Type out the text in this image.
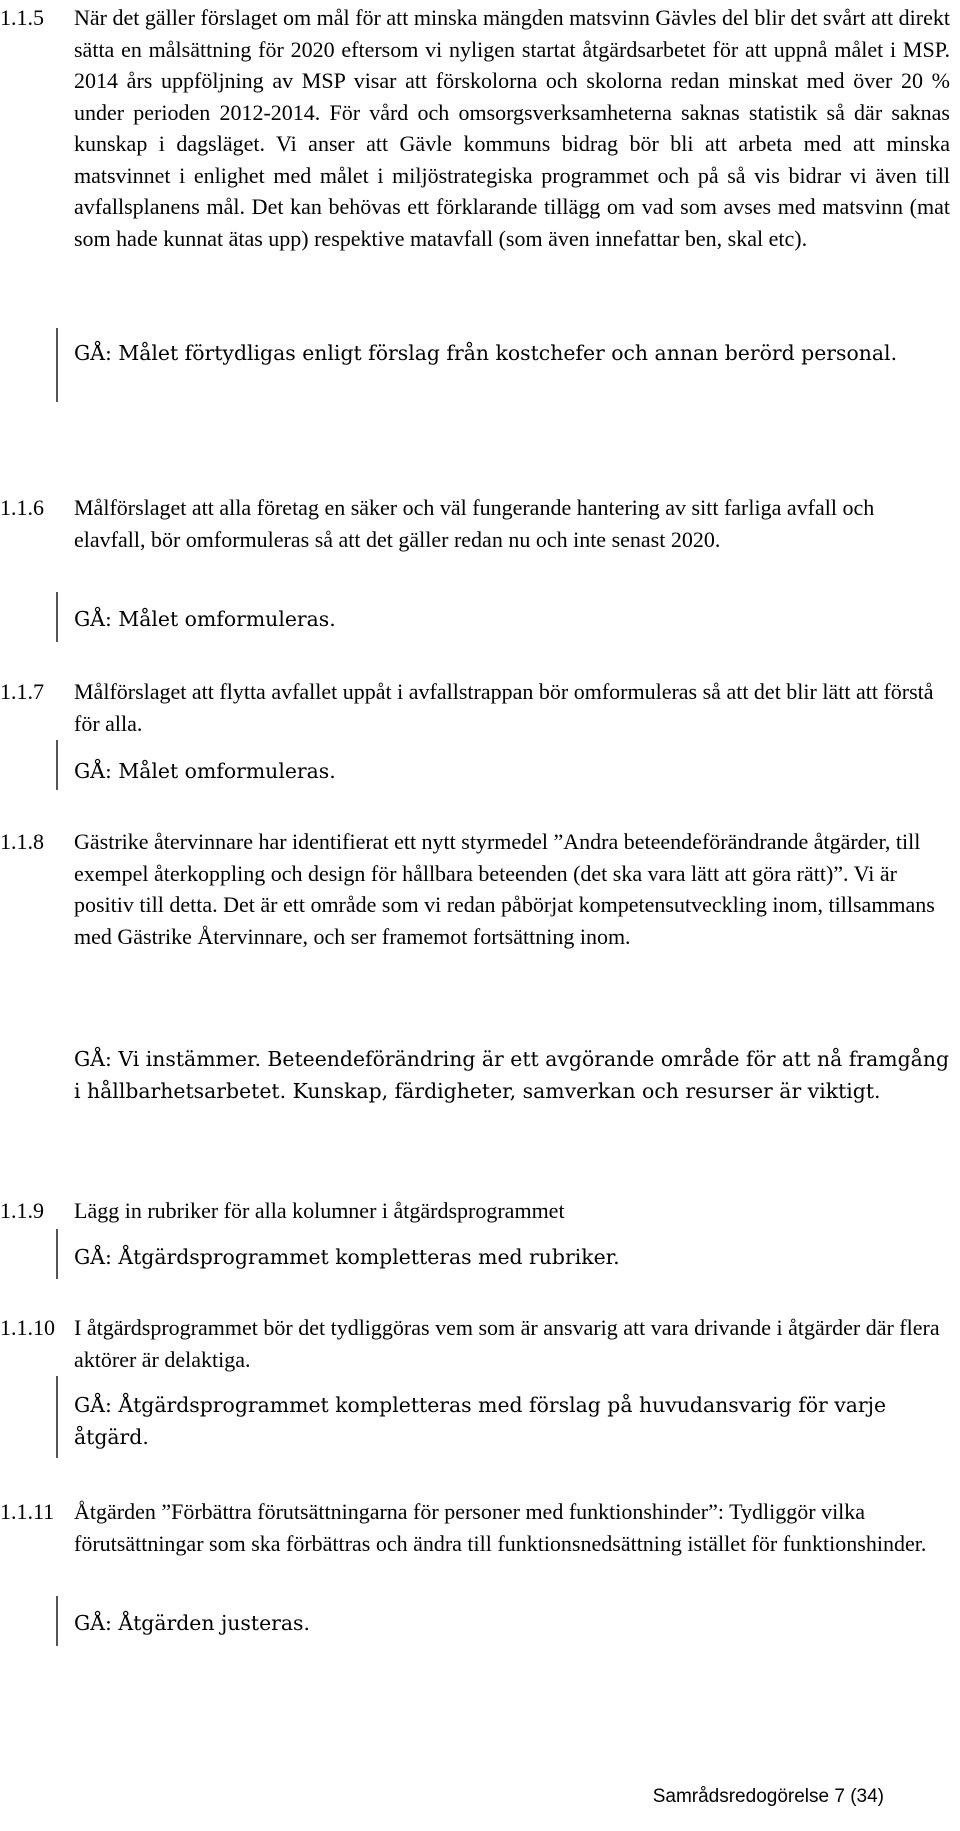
1.1.5 När det gäller förslaget om mål för att minska mängden matsvinn Gävles del blir det svårt att direkt sätta en målsättning för 2020 eftersom vi nyligen startat åtgärdsarbetet för att uppnå målet i MSP. 2014 års uppföljning av MSP visar att förskolorna och skolorna redan minskat med över 20 % under perioden 2012-2014. För vård och omsorgsverksamheterna saknas statistik så där saknas kunskap i dagsläget. Vi anser att Gävle kommuns bidrag bör bli att arbeta med att minska matsvinnet i enlighet med målet i miljöstrategiska programmet och på så vis bidrar vi även till avfallsplanens mål. Det kan behövas ett förklarande tillägg om vad som avses med matsvinn (mat som hade kunnat ätas upp) respektive matavfall (som även innefattar ben, skal etc).

GÅ: Målet förtydligas enligt förslag från kostchefer och annan berörd personal.
1.1.6 Målförslaget att alla företag en säker och väl fungerande hantering av sitt farliga avfall och elavfall, bör omformuleras så att det gäller redan nu och inte senast 2020.
GÅ: Målet omformuleras.
1.1.7 Målförslaget att flytta avfallet uppåt i avfallstrappan bör omformuleras så att det blir lätt att förstå för alla.
GÅ: Målet omformuleras.
1.1.8 Gästrike återvinnare har identifierat ett nytt styrmedel ”Andra beteendeförändrande åtgärder, till exempel återkoppling och design för hållbara beteenden (det ska vara lätt att göra rätt)”. Vi är positiv till detta. Det är ett område som vi redan påbörjat kompetensutveckling inom, tillsammans med Gästrike Återvinnare, och ser framemot fortsättning inom.
GÅ: Vi instämmer. Beteendeförändring är ett avgörande område för att nå framgång i hållbarhetsarbetet. Kunskap, färdigheter, samverkan och resurser är viktigt.
1.1.9 Lägg in rubriker för alla kolumner i åtgärdsprogrammet
GÅ: Åtgärdsprogrammet kompletteras med rubriker.
1.1.10 I åtgärdsprogrammet bör det tydliggöras vem som är ansvarig att vara drivande i åtgärder där flera aktörer är delaktiga.
GÅ: Åtgärdsprogrammet kompletteras med förslag på huvudansvarig för varje åtgärd.
1.1.11 Åtgärden ”Förbättra förutsättningarna för personer med funktionshinder”: Tydliggör vilka förutsättningar som ska förbättras och ändra till funktionsnedsättning istället för funktionshinder.
GÅ: Åtgärden justeras.
Samrådsredogörelse 7 (34)
